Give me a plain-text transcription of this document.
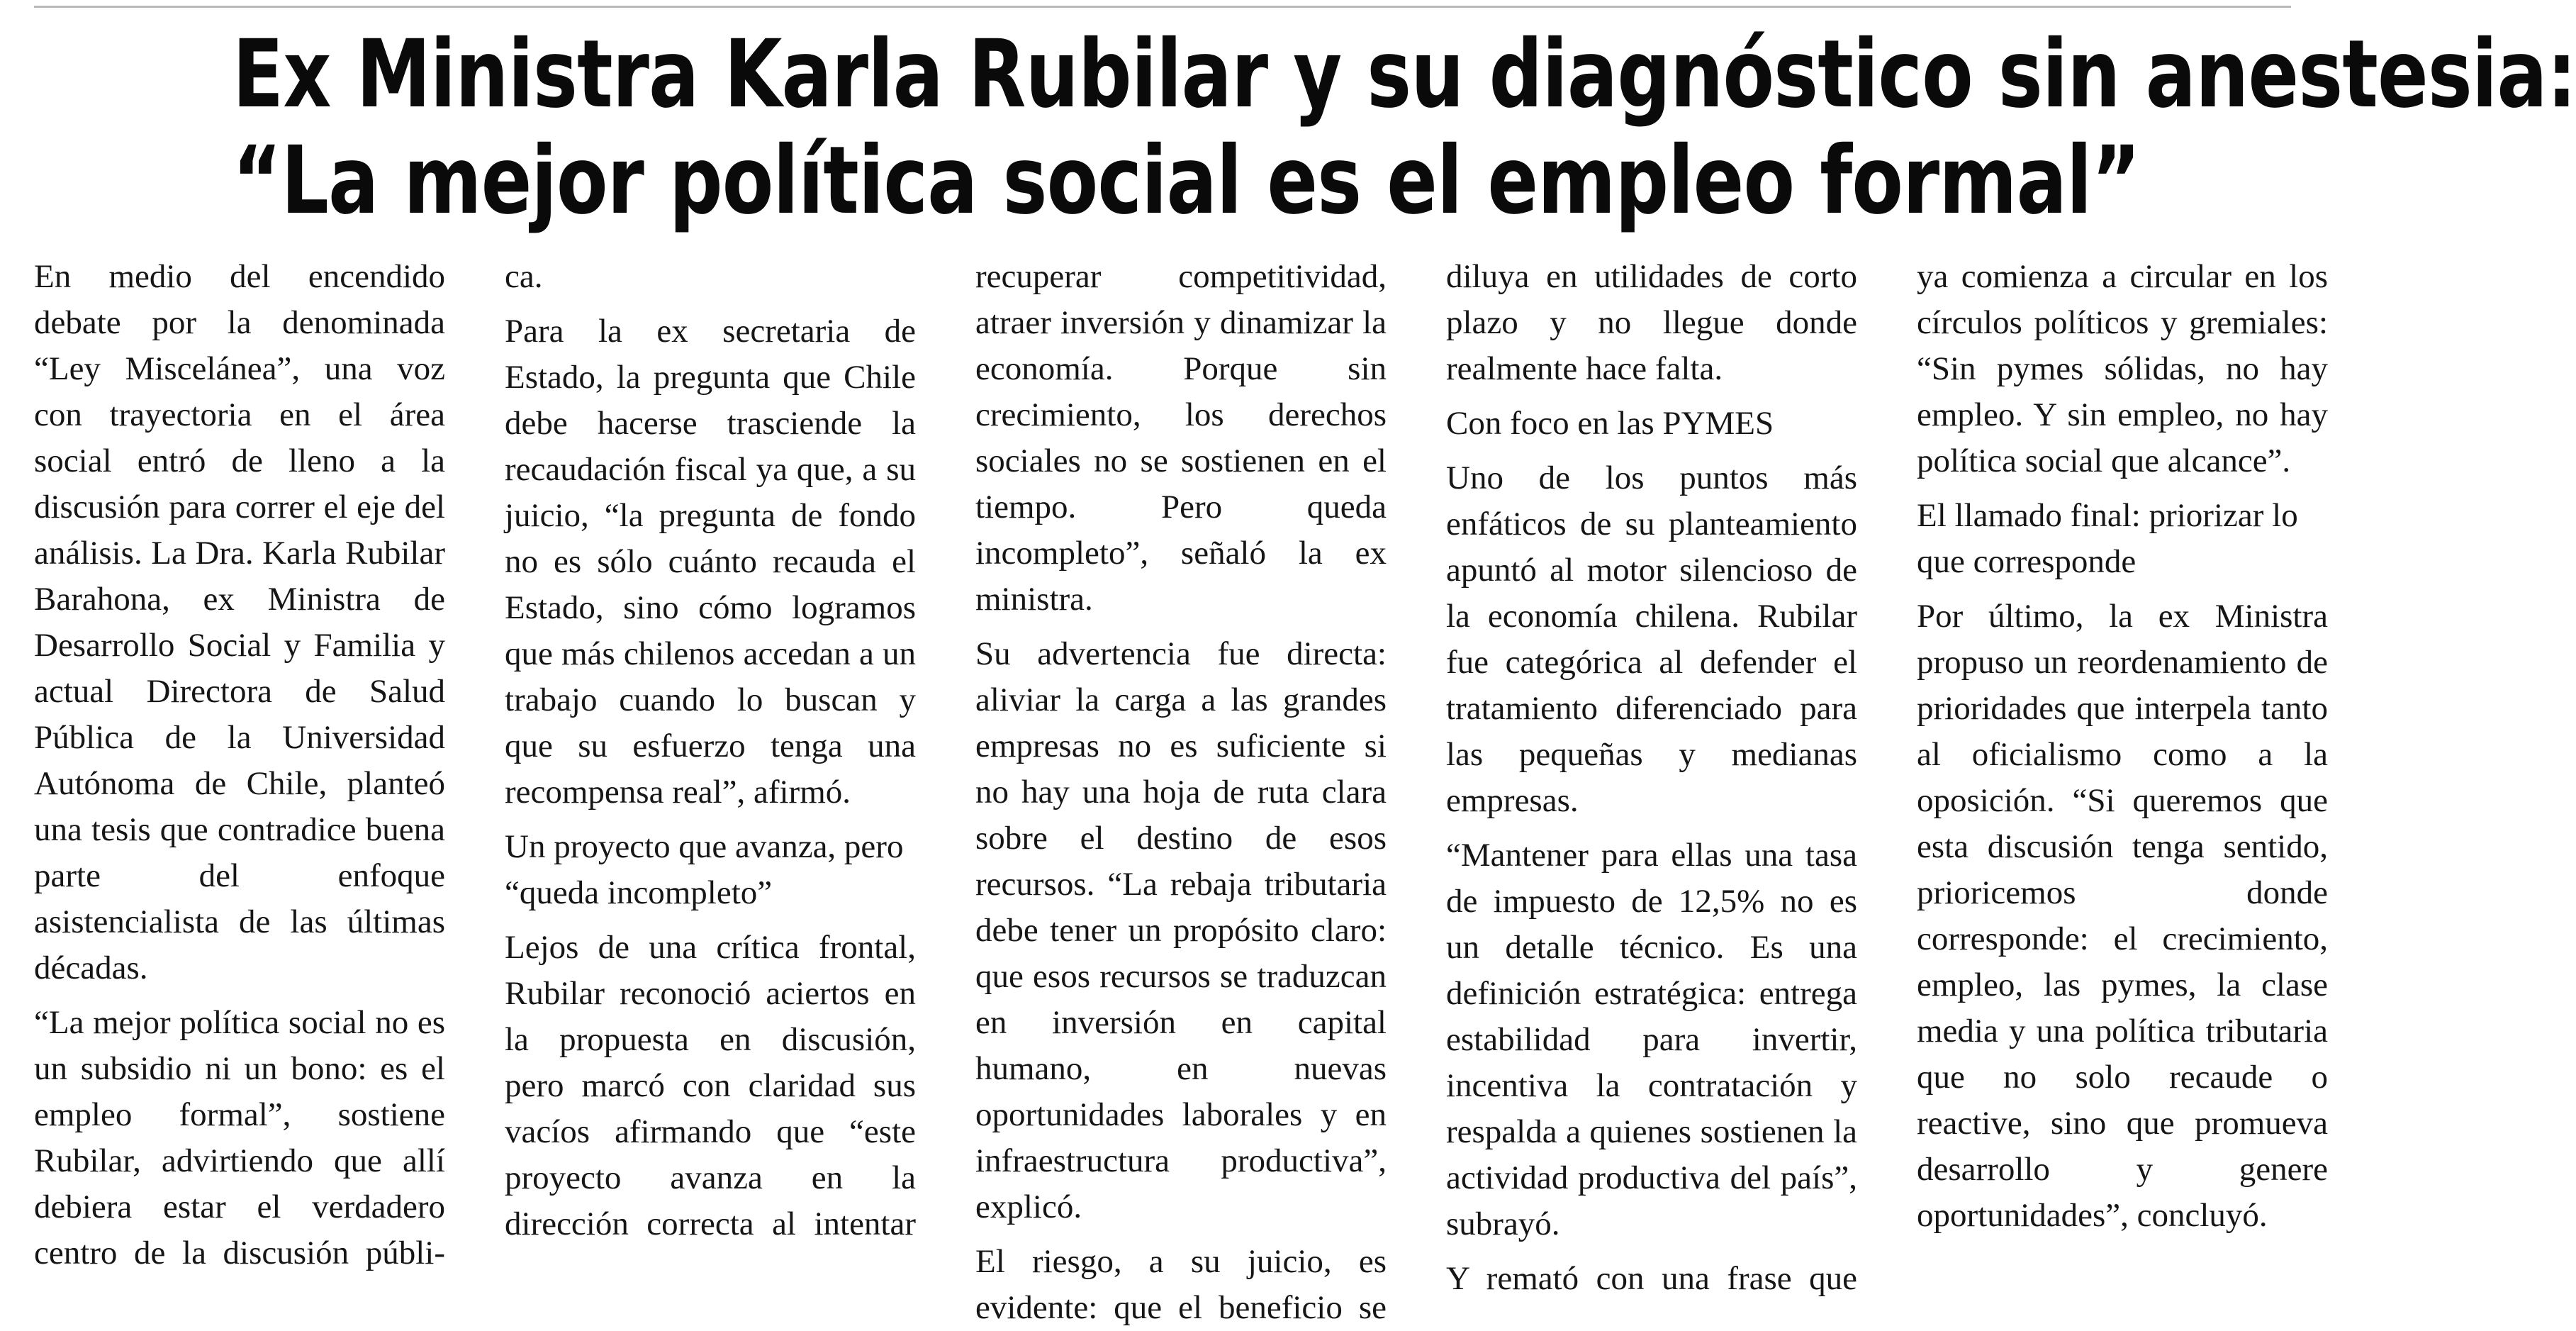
Ex Ministra Karla Rubilar y su diagnóstico sin anestesia:
“La mejor política social es el empleo formal”

En medio del encendido debate por la denominada “Ley Misceláneaˮ, una voz con trayectoria en el área social entró de lleno a la discusión para correr el eje del análisis. La Dra. Karla Rubilar Barahona, ex Ministra de Desarrollo Social y Familia y actual Directora de Salud Pública de la Universidad Autónoma de Chile, planteó una tesis que contradice buena parte del enfoque asistencialista de las últimas décadas.

“La mejor política social no es un subsidio ni un bono: es el empleo formalˮ, sostiene Rubilar, advirtiendo que allí debiera estar el verdadero centro de la discusión públi-

ca.

Para la ex secretaria de Estado, la pregunta que Chile debe hacerse trasciende la recaudación fiscal ya que, a su juicio, “la pregunta de fondo no es sólo cuánto recauda el Estado, sino cómo logramos que más chilenos accedan a un trabajo cuando lo buscan y que su esfuerzo tenga una recompensa realˮ, afirmó.

Un proyecto que avanza, pero “queda incompletoˮ

Lejos de una crítica frontal, Rubilar reconoció aciertos en la propuesta en discusión, pero marcó con claridad sus vacíos afirmando que “este proyecto avanza en la dirección correcta al intentar

recuperar competitividad, atraer inversión y dinamizar la economía. Porque sin crecimiento, los derechos sociales no se sostienen en el tiempo. Pero queda incompletoˮ, señaló la ex ministra.

Su advertencia fue directa: aliviar la carga a las grandes empresas no es suficiente si no hay una hoja de ruta clara sobre el destino de esos recursos. “La rebaja tributaria debe tener un propósito claro: que esos recursos se traduzcan en inversión en capital humano, en nuevas oportunidades laborales y en infraestructura productivaˮ, explicó.

El riesgo, a su juicio, es evidente: que el beneficio se

diluya en utilidades de corto plazo y no llegue donde realmente hace falta.

Con foco en las PYMES

Uno de los puntos más enfáticos de su planteamiento apuntó al motor silencioso de la economía chilena. Rubilar fue categórica al defender el tratamiento diferenciado para las pequeñas y medianas empresas.

“Mantener para ellas una tasa de impuesto de 12,5% no es un detalle técnico. Es una definición estratégica: entrega estabilidad para invertir, incentiva la contratación y respalda a quienes sostienen la actividad productiva del paísˮ, subrayó.

Y remató con una frase que

ya comienza a circular en los círculos políticos y gremiales: “Sin pymes sólidas, no hay empleo. Y sin empleo, no hay política social que alcanceˮ.

El llamado final: priorizar lo que corresponde

Por último, la ex Ministra propuso un reordenamiento de prioridades que interpela tanto al oficialismo como a la oposición. “Si queremos que esta discusión tenga sentido, prioricemos donde corresponde: el crecimiento, empleo, las pymes, la clase media y una política tributaria que no solo recaude o reactive, sino que promueva desarrollo y genere oportunidadesˮ, concluyó.
